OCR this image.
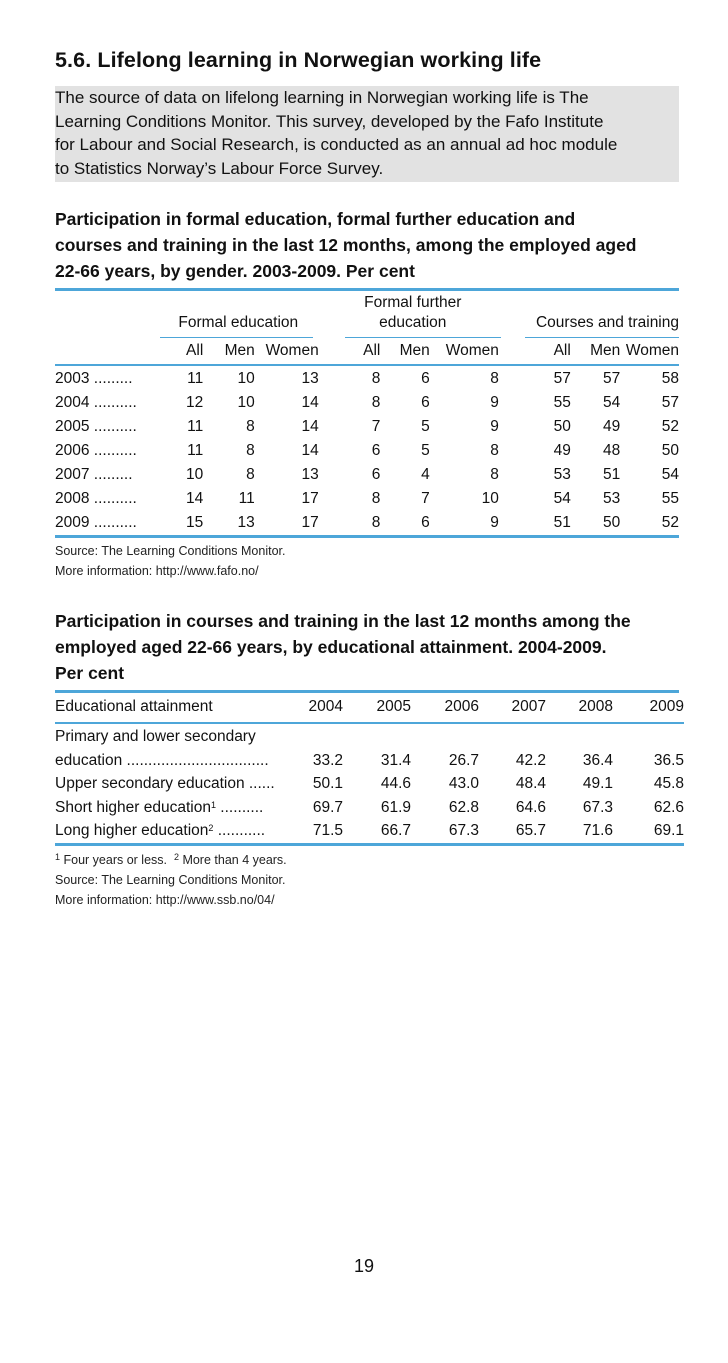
5.6. Lifelong learning in Norwegian working life
The source of data on lifelong learning in Norwegian working life is The
Learning Conditions Monitor. This survey, developed by the Fafo Institute
for Labour and Social Research, is conducted as an annual ad hoc module
to Statistics Norway’s Labour Force Survey.
Participation in formal education, formal further education and
courses and training in the last 12 months, among the employed aged
22-66 years, by gender. 2003-2009. Per cent
	Formal education			Formal further
education			Courses and training		

	All	Men	Women	All	Men	Women	All	Men	Women

2003 .........	11	10	13	8	6	8	57	57	58
2004 ..........	12	10	14	8	6	9	55	54	57
2005 ..........	11	8	14	7	5	9	50	49	52
2006 ..........	11	8	14	6	5	8	49	48	50
2007 .........	10	8	13	6	4	8	53	51	54
2008 ..........	14	11	17	8	7	10	54	53	55
2009 ..........	15	13	17	8	6	9	51	50	52
Source: The Learning Conditions Monitor.
More information: http://www.fafo.no/
Participation in courses and training in the last 12 months among the
employed aged 22-66 years, by educational attainment. 2004-2009.
Per cent
Educational attainment	2004	2005	2006	2007	2008	2009

Primary and lower secondary						
education .................................	33.2	31.4	26.7	42.2	36.4	36.5
Upper secondary education ......	50.1	44.6	43.0	48.4	49.1	45.8
Short higher education$^1$ ..........	69.7	61.9	62.8	64.6	67.3	62.6
Long higher education$^2$ ...........	71.5	66.7	67.3	65.7	71.6	69.1
$^1$ Four years or less.  $^2$ More than 4 years.
Source: The Learning Conditions Monitor.
More information: http://www.ssb.no/04/
19
